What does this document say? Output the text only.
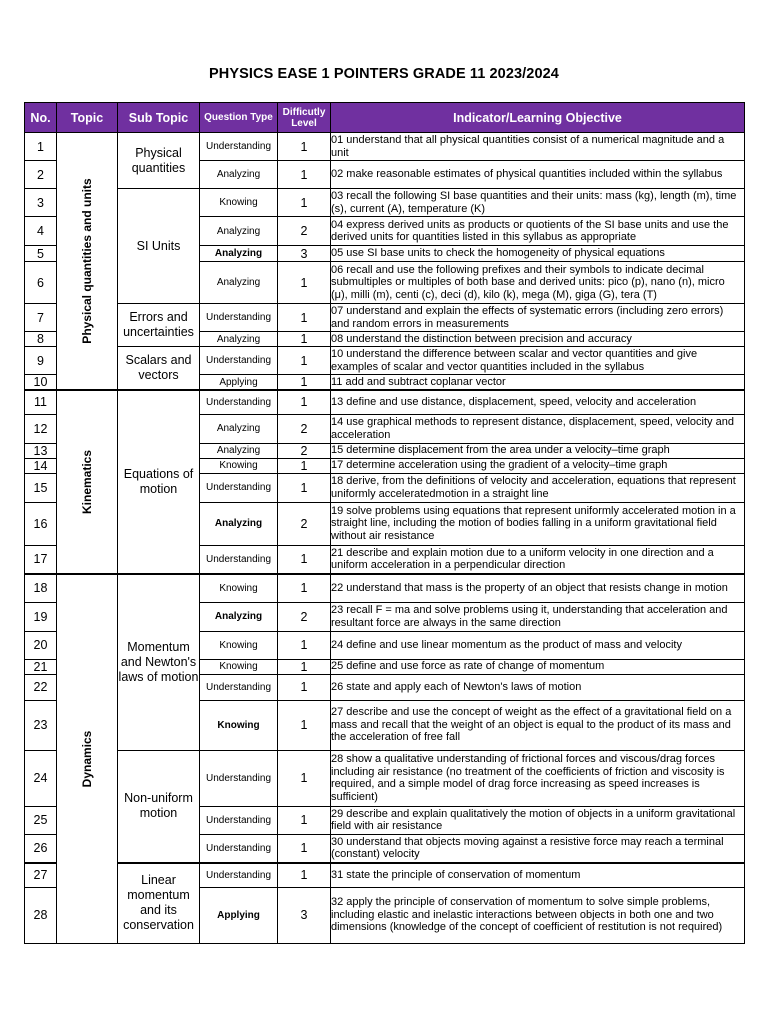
PHYSICS EASE 1 POINTERS GRADE 11 2023/2024
No.	Topic	Sub Topic	Question Type	Difficutly Level	Indicator/Learning Objective
1	Physical quantities and units	Physical quantities	Understanding	1	01 understand that all physical quantities consist of a numerical magnitude and a unit
2			Analyzing	1	02 make reasonable estimates of physical quantities included within the syllabus
3		SI Units	Knowing	1	03 recall the following SI base quantities and their units: mass (kg), length (m), time (s), current (A), temperature (K)
4			Analyzing	2	04 express derived units as products or quotients of the SI base units and use the derived units for quantities listed in this syllabus as appropriate
5			Analyzing	3	05 use SI base units to check the homogeneity of physical equations
6			Analyzing	1	06 recall and use the following prefixes and their symbols to indicate decimal submultiples or multiples of both base and derived units: pico (p), nano (n), micro (μ), milli (m), centi (c), deci (d), kilo (k), mega (M), giga (G), tera (T)
7		Errors and uncertainties	Understanding	1	07 understand and explain the effects of systematic errors (including zero errors) and random errors in measurements
8			Analyzing	1	08 understand the distinction between precision and accuracy
9		Scalars and vectors	Understanding	1	10 understand the difference between scalar and vector quantities and give examples of scalar and vector quantities included in the syllabus
10			Applying	1	11 add and subtract coplanar vector
11	Kinematics	Equations of motion	Understanding	1	13 define and use distance, displacement, speed, velocity and acceleration
12			Analyzing	2	14 use graphical methods to represent distance, displacement, speed, velocity and acceleration
13			Analyzing	2	15 determine displacement from the area under a velocity–time graph
14			Knowing	1	17 determine acceleration using the gradient of a velocity–time graph
15			Understanding	1	18 derive, from the definitions of velocity and acceleration, equations that represent uniformly acceleratedmotion in a straight line
16			Analyzing	2	19 solve problems using equations that represent uniformly accelerated motion in a straight line, including the motion of bodies falling in a uniform gravitational field without air resistance
17			Understanding	1	21 describe and explain motion due to a uniform velocity in one direction and a uniform acceleration in a perpendicular direction
18	Dynamics	Momentum and Newton's laws of motion	Knowing	1	22 understand that mass is the property of an object that resists change in motion
19			Analyzing	2	23 recall F = ma and solve problems using it, understanding that acceleration and resultant force are always in the same direction
20			Knowing	1	24 define and use linear momentum as the product of mass and velocity
21			Knowing	1	25 define and use force as rate of change of momentum
22			Understanding	1	26 state and apply each of Newton's laws of motion
23			Knowing	1	27 describe and use the concept of weight as the effect of a gravitational field on a mass and recall that the weight of an object is equal to the product of its mass and the acceleration of free fall
24		Non-uniform motion	Understanding	1	28 show a qualitative understanding of frictional forces and viscous/drag forces including air resistance (no treatment of the coefficients of friction and viscosity is required, and a simple model of drag force increasing as speed increases is sufficient)
25			Understanding	1	29 describe and explain qualitatively the motion of objects in a uniform gravitational field with air resistance
26			Understanding	1	30 understand that objects moving against a resistive force may reach a terminal (constant) velocity
27		Linear momentum and its conservation	Understanding	1	31 state the principle of conservation of momentum
28			Applying	3	32 apply the principle of conservation of momentum to solve simple problems, including elastic and inelastic interactions between objects in both one and two dimensions (knowledge of the concept of coefficient of restitution is not required)
